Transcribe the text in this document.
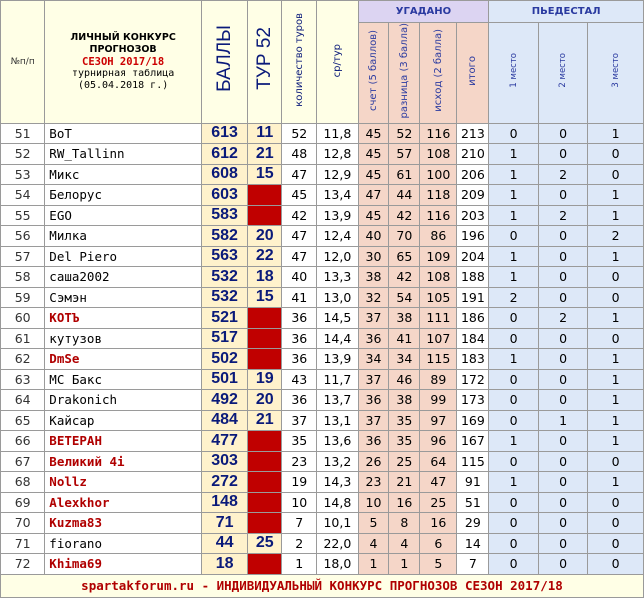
№п/п	ЛИЧНЫЙ КОНКУРС
ПРОГНОЗОВ
СЕЗОН 2017/18
турнирная таблица
(05.04.2018 г.)	БАЛЛЫ	ТУР 52	количество туров	ср/тур	УГАДАНО				ПЬЕДЕСТАЛ		
						счет (5 баллов)	разница (3 балла)	исход (2 балла)	итого	1 место	2 место	3 место
51	BoT	613	11	52	11,8	45	52	116	213	0	0	1
52	RW_Tallinn	612	21	48	12,8	45	57	108	210	1	0	0
53	Микс	608	15	47	12,9	45	61	100	206	1	2	0
54	Белорус	603		45	13,4	47	44	118	209	1	0	1
55	EGO	583		42	13,9	45	42	116	203	1	2	1
56	Милка	582	20	47	12,4	40	70	86	196	0	0	2
57	Del Piero	563	22	47	12,0	30	65	109	204	1	0	1
58	саша2002	532	18	40	13,3	38	42	108	188	1	0	0
59	Сэмэн	532	15	41	13,0	32	54	105	191	2	0	0
60	КОТЪ	521		36	14,5	37	38	111	186	0	2	1
61	кутузов	517		36	14,4	36	41	107	184	0	0	0
62	DmSe	502		36	13,9	34	34	115	183	1	0	1
63	МС Бакс	501	19	43	11,7	37	46	89	172	0	0	1
64	Drakonich	492	20	36	13,7	36	38	99	173	0	0	1
65	Кайсар	484	21	37	13,1	37	35	97	169	0	1	1
66	ВЕТЕРАН	477		35	13,6	36	35	96	167	1	0	1
67	Великий 4i	303		23	13,2	26	25	64	115	0	0	0
68	Nollz	272		19	14,3	23	21	47	91	1	0	1
69	Alexkhor	148		10	14,8	10	16	25	51	0	0	0
70	Kuzma83	71		7	10,1	5	8	16	29	0	0	0
71	fiorano	44	25	2	22,0	4	4	6	14	0	0	0
72	Khima69	18		1	18,0	1	1	5	7	0	0	0
spartakforum.ru - ИНДИВИДУАЛЬНЫЙ КОНКУРС ПРОГНОЗОВ СЕЗОН 2017/18												
